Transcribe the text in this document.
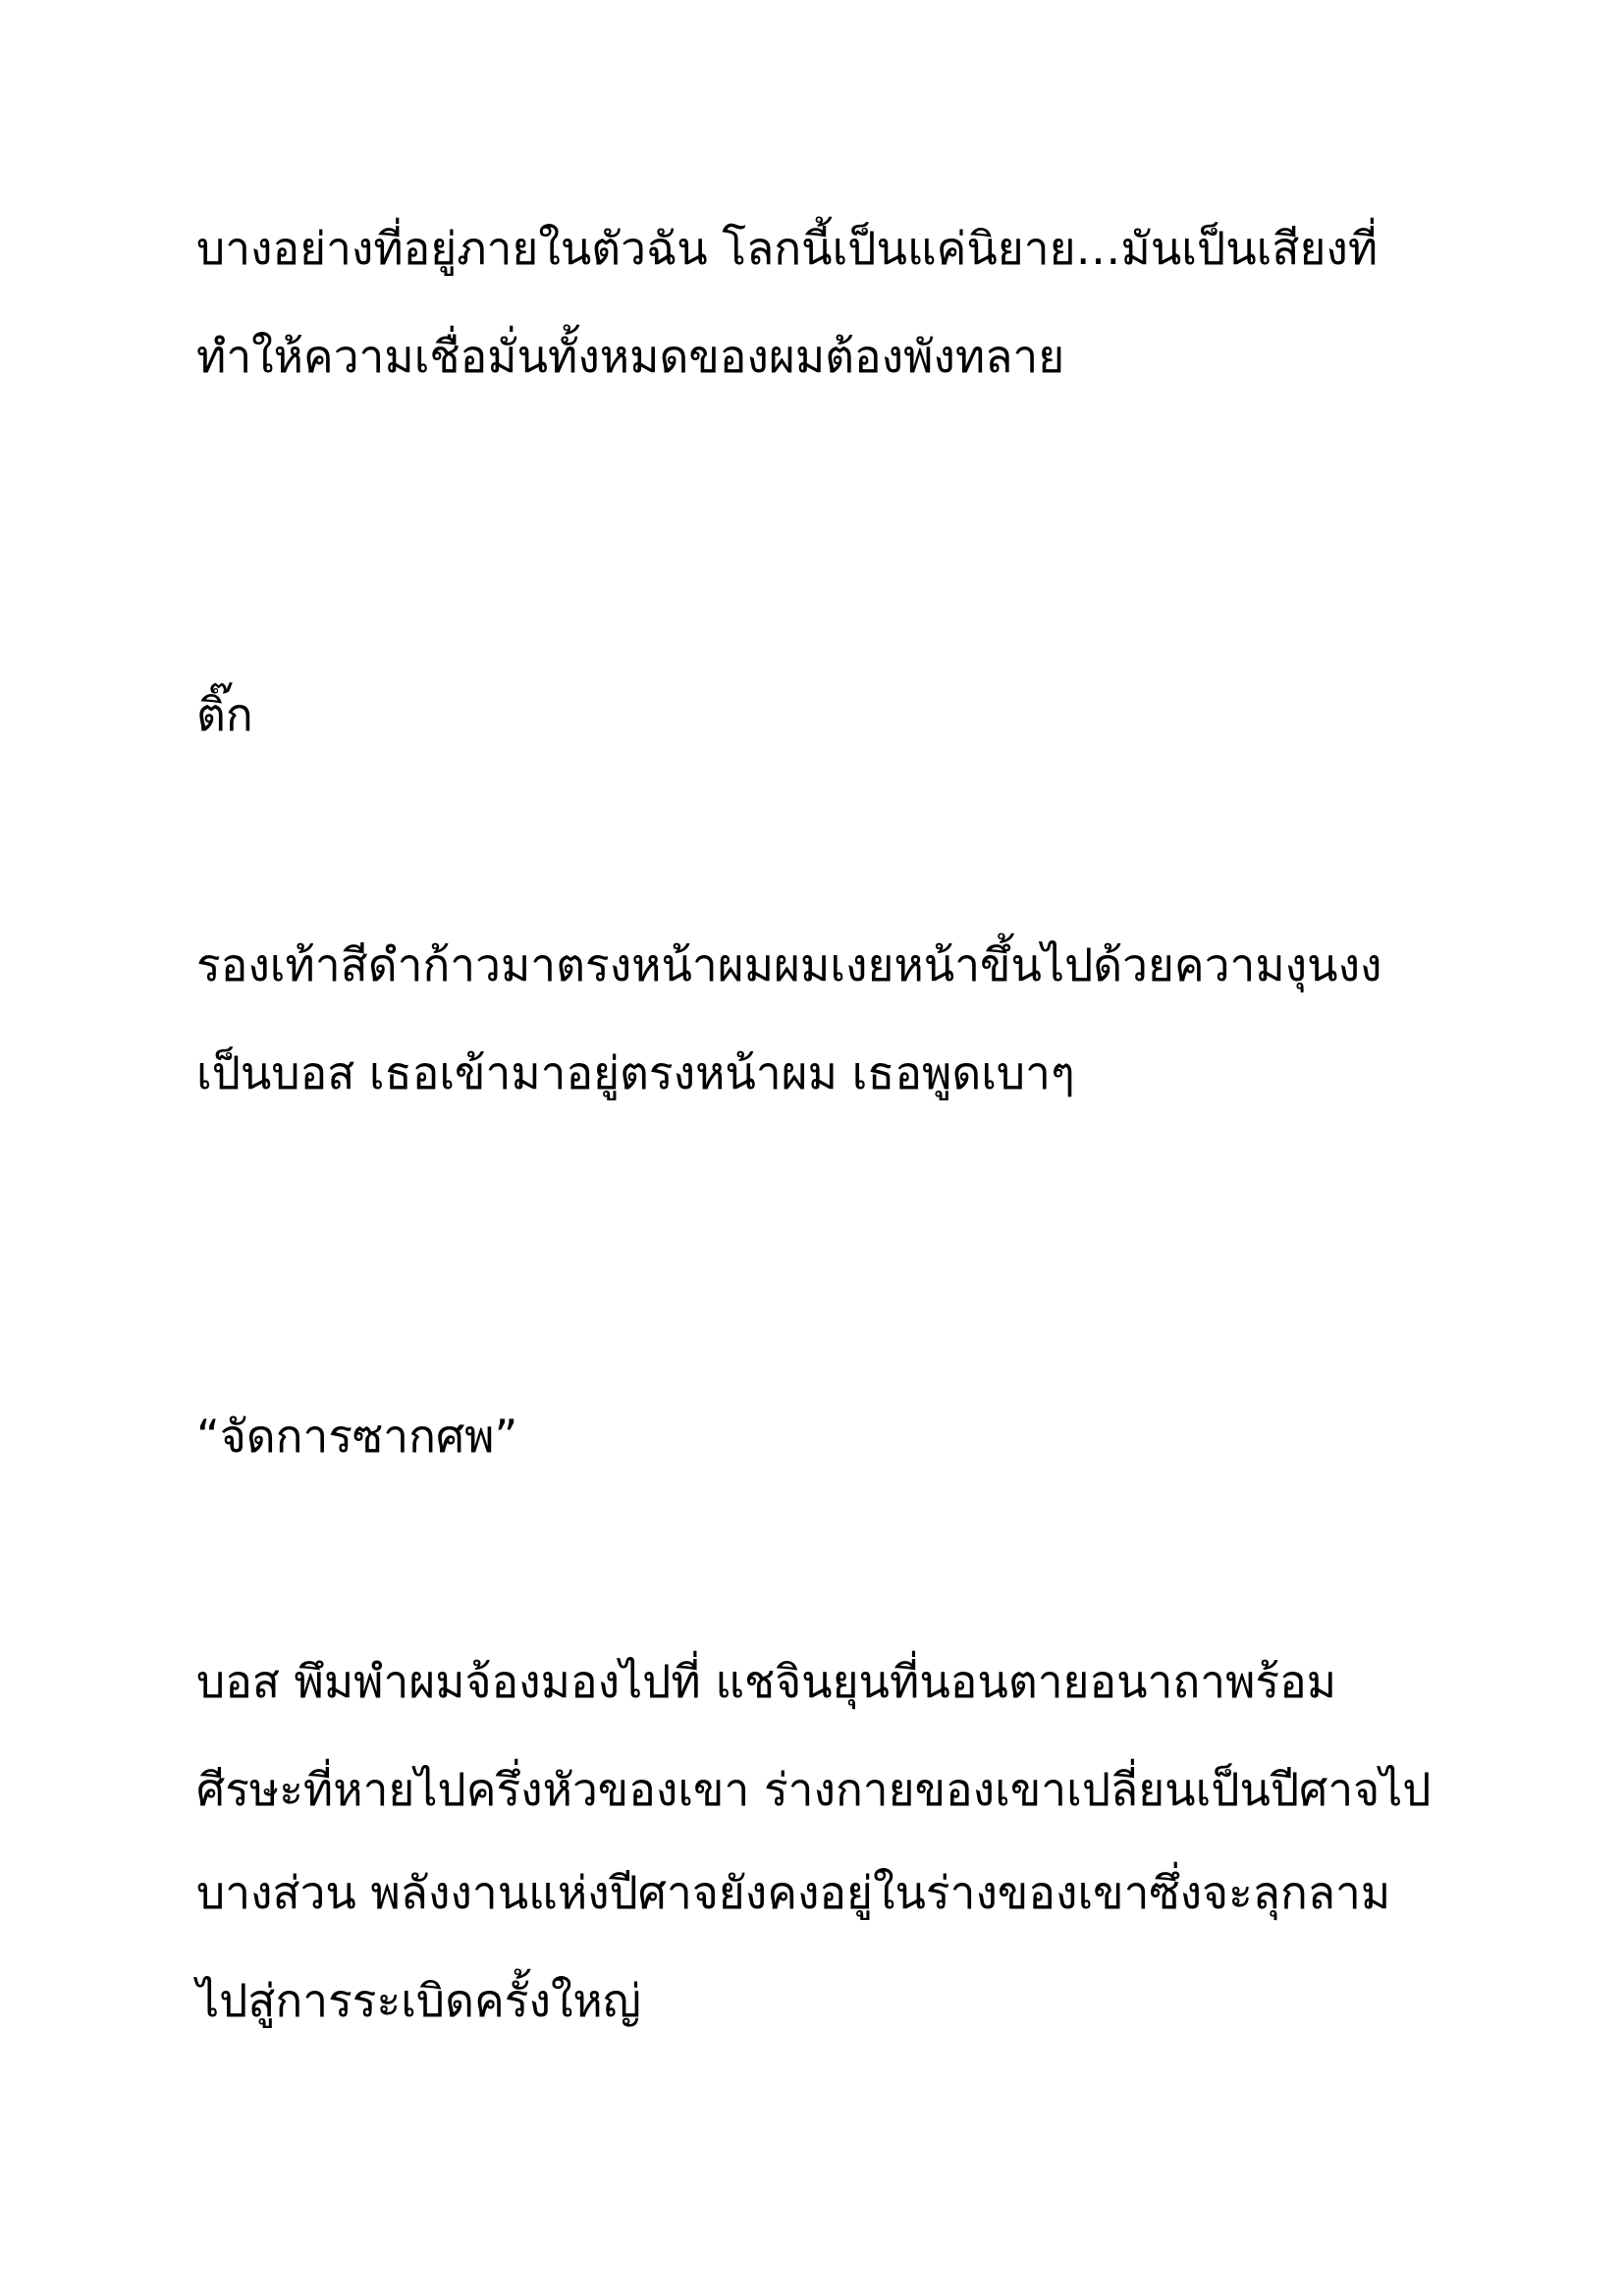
บางอย่างที่อยู่ภายในตัวฉัน โลกนี้เป็นแค่นิยาย…มันเป็นเสียงที่

ทำให้ความเชื่อมั่นทั้งหมดของผมต้องพังทลาย

ติ๊ก

รองเท้าสีดำก้าวมาตรงหน้าผมผมเงยหน้าขึ้นไปด้วยความงุนงง

เป็นบอส เธอเข้ามาอยู่ตรงหน้าผม เธอพูดเบาๆ

“จัดการซากศพ”

บอส พึมพำผมจ้องมองไปที่ แชจินยุนที่นอนตายอนาถาพร้อม

ศีรษะที่หายไปครึ่งหัวของเขา ร่างกายของเขาเปลี่ยนเป็นปีศาจไป

บางส่วน พลังงานแห่งปีศาจยังคงอยู่ในร่างของเขาซึ่งจะลุกลาม

ไปสู่การระเบิดครั้งใหญ่
